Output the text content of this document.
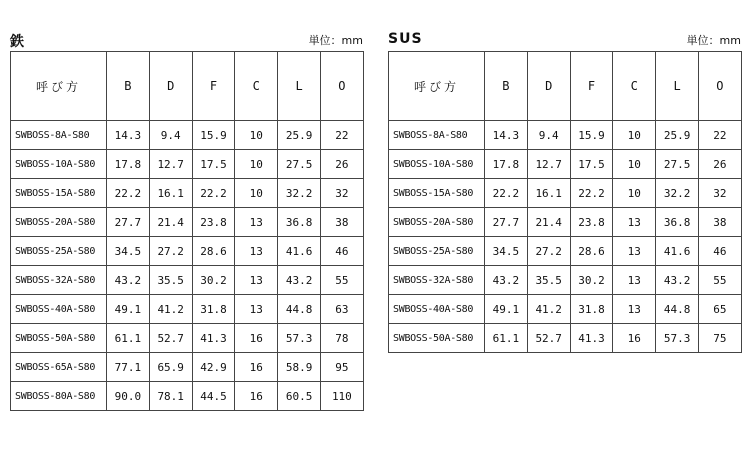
鉄	単位：mm
呼び方	B	D	F	C	L	O
SWBOSS-8A-S80	14.3	9.4	15.9	10	25.9	22
SWBOSS-10A-S80	17.8	12.7	17.5	10	27.5	26
SWBOSS-15A-S80	22.2	16.1	22.2	10	32.2	32
SWBOSS-20A-S80	27.7	21.4	23.8	13	36.8	38
SWBOSS-25A-S80	34.5	27.2	28.6	13	41.6	46
SWBOSS-32A-S80	43.2	35.5	30.2	13	43.2	55
SWBOSS-40A-S80	49.1	41.2	31.8	13	44.8	63
SWBOSS-50A-S80	61.1	52.7	41.3	16	57.3	78
SWBOSS-65A-S80	77.1	65.9	42.9	16	58.9	95
SWBOSS-80A-S80	90.0	78.1	44.5	16	60.5	110
SUS	単位：mm
呼び方	B	D	F	C	L	O
SWBOSS-8A-S80	14.3	9.4	15.9	10	25.9	22
SWBOSS-10A-S80	17.8	12.7	17.5	10	27.5	26
SWBOSS-15A-S80	22.2	16.1	22.2	10	32.2	32
SWBOSS-20A-S80	27.7	21.4	23.8	13	36.8	38
SWBOSS-25A-S80	34.5	27.2	28.6	13	41.6	46
SWBOSS-32A-S80	43.2	35.5	30.2	13	43.2	55
SWBOSS-40A-S80	49.1	41.2	31.8	13	44.8	65
SWBOSS-50A-S80	61.1	52.7	41.3	16	57.3	75
